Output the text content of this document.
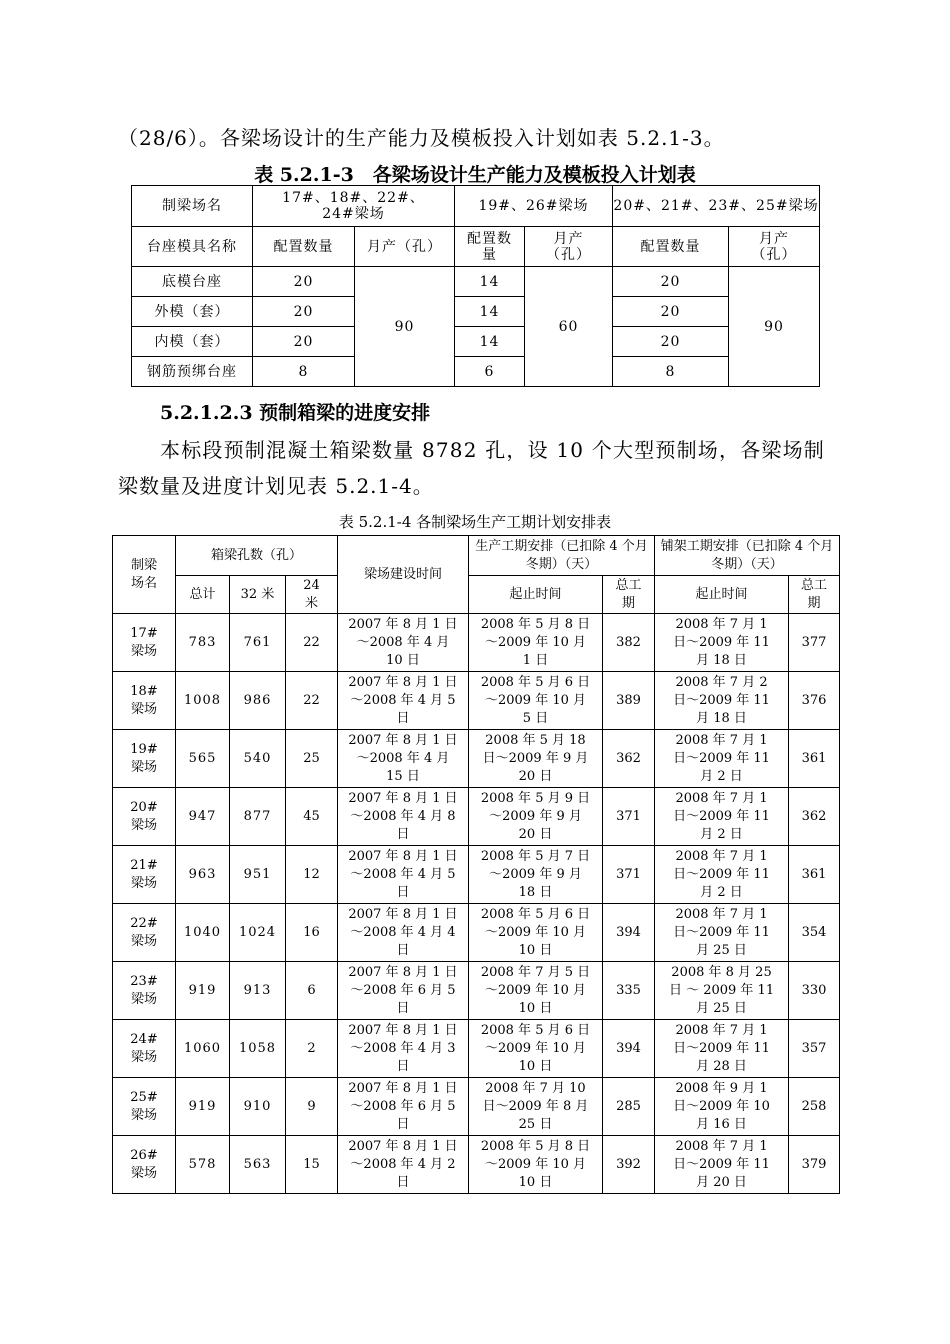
（28/6）。各梁场设计的生产能力及模板投入计划如表 5.2.1-3。
表 5.2.1-3　各梁场设计生产能力及模板投入计划表
制梁场名	17#、18#、22#、24#梁场		19#、26#梁场		20#、21#、23#、25#梁场	
台座模具名称	配置数量	月产（孔）	配置数量	月产（孔）	配置数量	月产（孔）
底模台座	20	90	14	60	20	90
外模（套）	20		14		20	
内模（套）	20		14		20	
钢筋预绑台座	8		6		8	
5.2.1.2.3 预制箱梁的进度安排
本标段预制混凝土箱梁数量 8782 孔，设 10 个大型预制场，各梁场制
梁数量及进度计划见表 5.2.1-4。
表 5.2.1-4 各制梁场生产工期计划安排表
制梁场名	箱梁孔数（孔）			梁场建设时间	生产工期安排（已扣除 4 个月冬期）（天）		铺架工期安排（已扣除 4 个月冬期）（天）	
	总计	32 米	24 米		起止时间	总工期	起止时间	总工期
17#梁场	783	761	22	2007 年 8 月 1 日～2008 年 4 月 10 日	2008 年 5 月 8 日～2009 年 10 月 1 日	382	2008 年 7 月 1 日～2009 年 11 月 18 日	377
18#梁场	1008	986	22	2007 年 8 月 1 日～2008 年 4 月 5 日	2008 年 5 月 6 日～2009 年 10 月 5 日	389	2008 年 7 月 2 日～2009 年 11 月 18 日	376
19#梁场	565	540	25	2007 年 8 月 1 日～2008 年 4 月 15 日	2008 年 5 月 18 日～2009 年 9 月 20 日	362	2008 年 7 月 1 日～2009 年 11 月 2 日	361
20#梁场	947	877	45	2007 年 8 月 1 日～2008 年 4 月 8 日	2008 年 5 月 9 日～2009 年 9 月 20 日	371	2008 年 7 月 1 日～2009 年 11 月 2 日	362
21#梁场	963	951	12	2007 年 8 月 1 日～2008 年 4 月 5 日	2008 年 5 月 7 日～2009 年 9 月 18 日	371	2008 年 7 月 1 日～2009 年 11 月 2 日	361
22#梁场	1040	1024	16	2007 年 8 月 1 日～2008 年 4 月 4 日	2008 年 5 月 6 日～2009 年 10 月 10 日	394	2008 年 7 月 1 日～2009 年 11 月 25 日	354
23#梁场	919	913	6	2007 年 8 月 1 日～2008 年 6 月 5 日	2008 年 7 月 5 日～2009 年 10 月 10 日	335	2008 年 8 月 25 日 ～ 2009 年 11 月 25 日	330
24#梁场	1060	1058	2	2007 年 8 月 1 日～2008 年 4 月 3 日	2008 年 5 月 6 日～2009 年 10 月 10 日	394	2008 年 7 月 1 日～2009 年 11 月 28 日	357
25#梁场	919	910	9	2007 年 8 月 1 日～2008 年 6 月 5 日	2008 年 7 月 10 日～2009 年 8 月 25 日	285	2008 年 9 月 1 日～2009 年 10 月 16 日	258
26#梁场	578	563	15	2007 年 8 月 1 日～2008 年 4 月 2 日	2008 年 5 月 8 日～2009 年 10 月 10 日	392	2008 年 7 月 1 日～2009 年 11 月 20 日	379
